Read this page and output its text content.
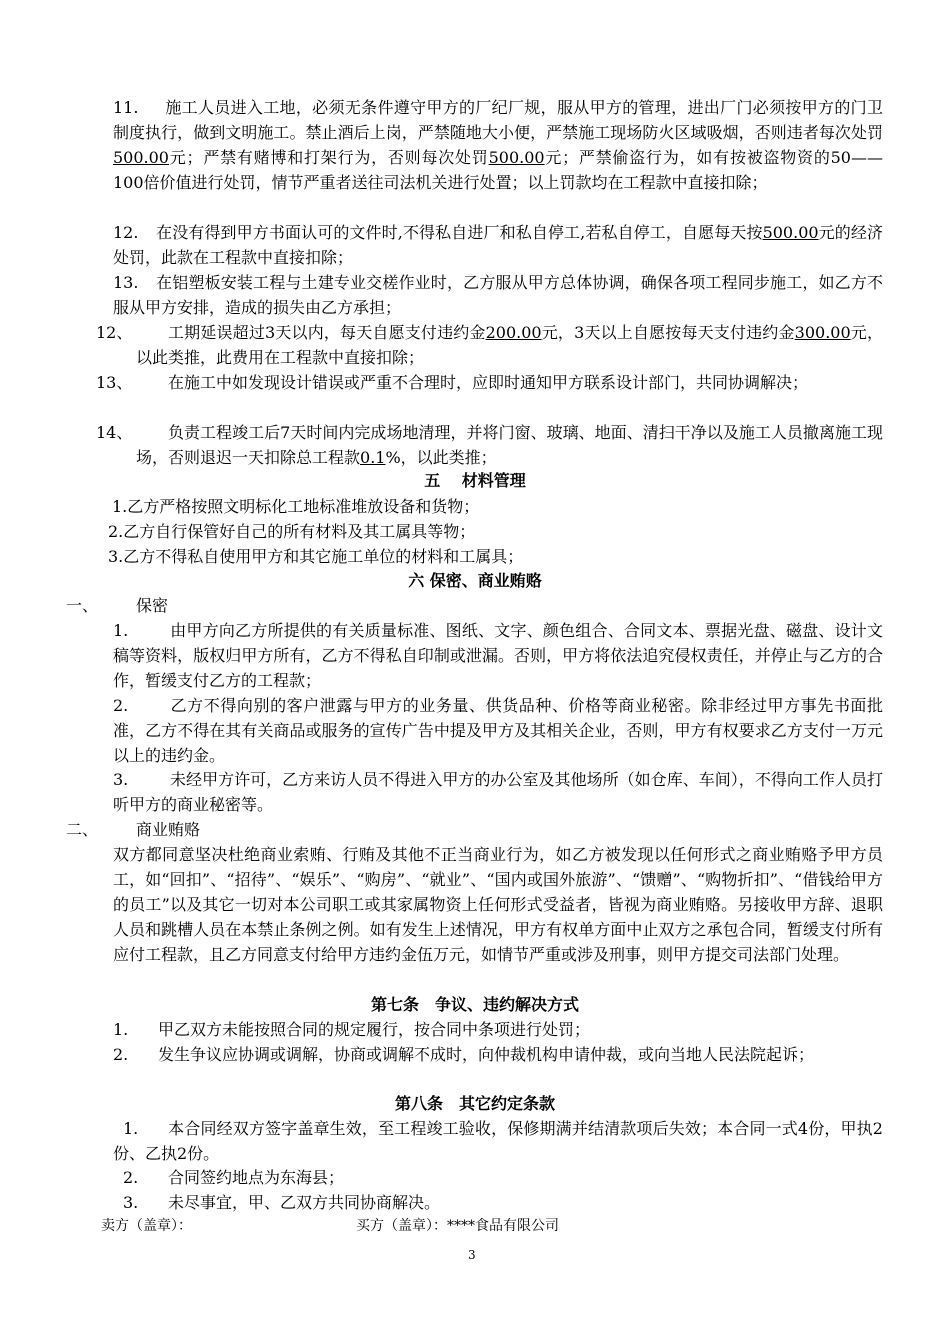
11. 施工人员进入工地，必须无条件遵守甲方的厂纪厂规，服从甲方的管理，进出厂门必须按甲方的门卫制度执行，做到文明施工。禁止酒后上岗，严禁随地大小便，严禁施工现场防火区域吸烟，否则违者每次处罚500.00元；严禁有赌博和打架行为，否则每次处罚500.00元；严禁偷盗行为，如有按被盗物资的50——100倍价值进行处罚，情节严重者送往司法机关进行处置；以上罚款均在工程款中直接扣除；

12. 在没有得到甲方书面认可的文件时,不得私自进厂和私自停工,若私自停工，自愿每天按500.00元的经济处罚，此款在工程款中直接扣除；

13. 在铝塑板安装工程与土建专业交槎作业时，乙方服从甲方总体协调，确保各项工程同步施工，如乙方不服从甲方安排，造成的损失由乙方承担；

12、	工期延误超过3天以内，每天自愿支付违约金200.00元，3天以上自愿按每天支付违约金300.00元，以此类推，此费用在工程款中直接扣除；

13、	在施工中如发现设计错误或严重不合理时，应即时通知甲方联系设计部门，共同协调解决；

14、	负责工程竣工后7天时间内完成场地清理，并将门窗、玻璃、地面、清扫干净以及施工人员撤离施工现场，否则退迟一天扣除总工程款0.1%，以此类推；

五　 材料管理

1.乙方严格按照文明标化工地标准堆放设备和货物；

2.乙方自行保管好自己的所有材料及其工属具等物；

3.乙方不得私自使用甲方和其它施工单位的材料和工属具；

六 保密、商业贿赂

一、 保密

1.	由甲方向乙方所提供的有关质量标准、图纸、文字、颜色组合、合同文本、票据光盘、磁盘、设计文稿等资料，版权归甲方所有，乙方不得私自印制或泄漏。否则，甲方将依法追究侵权责任，并停止与乙方的合作，暂缓支付乙方的工程款；

2.	乙方不得向别的客户泄露与甲方的业务量、供货品种、价格等商业秘密。除非经过甲方事先书面批准，乙方不得在其有关商品或服务的宣传广告中提及甲方及其相关企业，否则，甲方有权要求乙方支付一万元以上的违约金。

3.	未经甲方许可，乙方来访人员不得进入甲方的办公室及其他场所（如仓库、车间），不得向工作人员打听甲方的商业秘密等。

二、 商业贿赂

双方都同意坚决杜绝商业索贿、行贿及其他不正当商业行为，如乙方被发现以任何形式之商业贿赂予甲方员工，如“回扣”、“招待”、“娱乐”、“购房”、“就业”、“国内或国外旅游”、“馈赠”、“购物折扣”、“借钱给甲方的员工”以及其它一切对本公司职工或其家属物资上任何形式受益者，皆视为商业贿赂。另接收甲方辞、退职人员和跳槽人员在本禁止条例之例。如有发生上述情况，甲方有权单方面中止双方之承包合同，暂缓支付所有应付工程款，且乙方同意支付给甲方违约金伍万元，如情节严重或涉及刑事，则甲方提交司法部门处理。

第七条　争议、违约解决方式

1. 甲乙双方未能按照合同的规定履行，按合同中条项进行处罚；

2. 发生争议应协调或调解，协商或调解不成时，向仲裁机构申请仲裁，或向当地人民法院起诉；

第八条　其它约定条款

1. 本合同经双方签字盖章生效，至工程竣工验收，保修期满并结清款项后失效；本合同一式4份，甲执2份、乙执2份。

2. 合同签约地点为东海县；

3. 未尽事宜，甲、乙双方共同协商解决。

卖方（盖章）：	买方（盖章）：****食品有限公司
3
